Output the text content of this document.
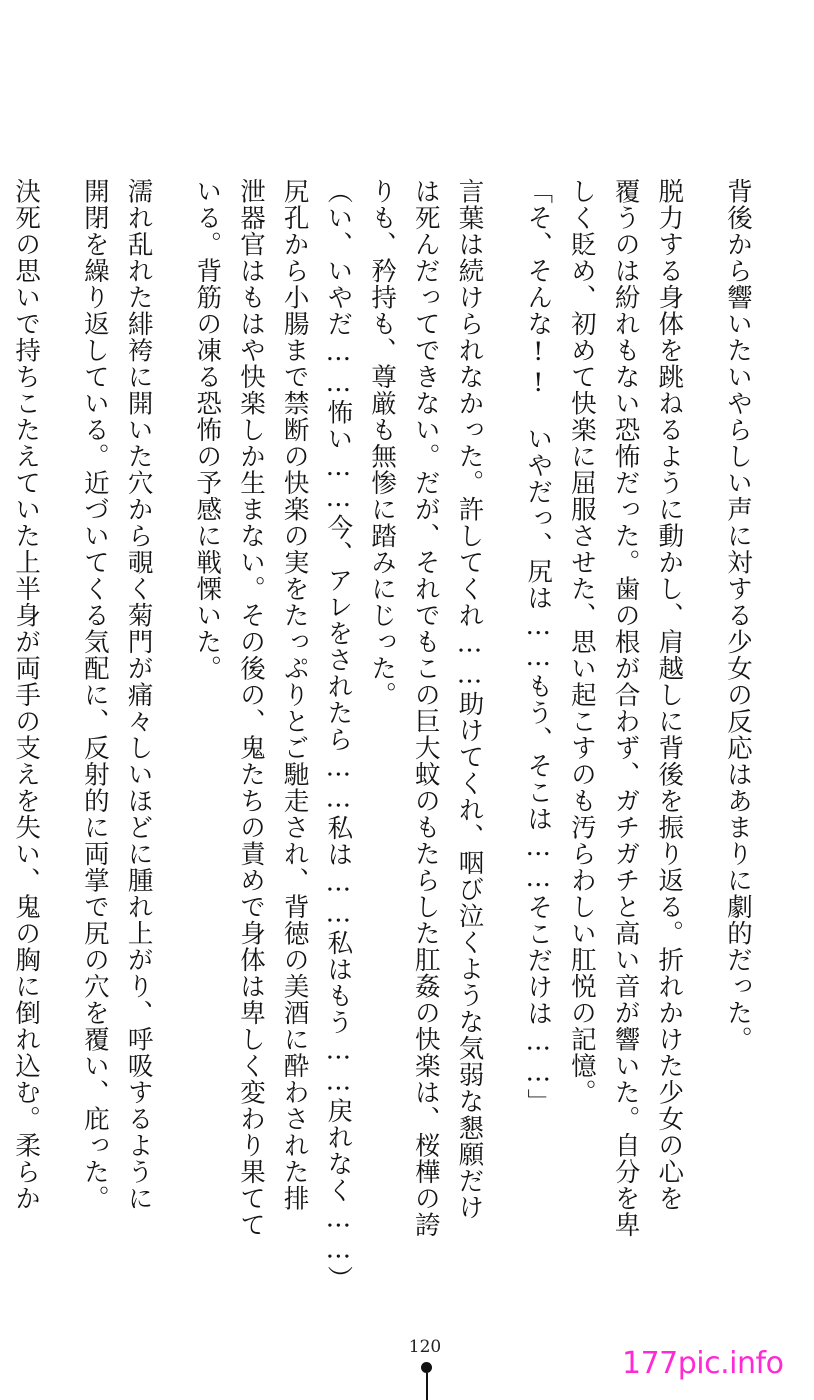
背後から響いたいやらしい声に対する少女の反応はあまりに劇的だった。
脱力する身体を跳ねるように動かし、肩越しに背後を振り返る。折れかけた少女の心を
覆うのは紛れもない恐怖だった。歯の根が合わず、ガチガチと高い音が響いた。自分を卑
しく貶め、初めて快楽に屈服させた、思い起こすのも汚らわしい肛悦の記憶。
「そ、そんな!!　いやだっ、尻は……もう、そこは……そこだけは……」
言葉は続けられなかった。許してくれ……助けてくれ、咽び泣くような気弱な懇願だけ
は死んだってできない。だが、それでもこの巨大蚊のもたらした肛姦の快楽は、桜樺の誇
りも、矜持も、尊厳も無惨に踏みにじった。
（い、いやだ……怖い……今、アレをされたら……私は……私はもう……戻れなく……）
尻孔から小腸まで禁断の快楽の実をたっぷりとご馳走され、背徳の美酒に酔わされた排
泄器官はもはや快楽しか生まない。その後の、鬼たちの責めで身体は卑しく変わり果てて
いる。背筋の凍る恐怖の予感に戦慄いた。
濡れ乱れた緋袴に開いた穴から覗く菊門が痛々しいほどに腫れ上がり、呼吸するように
開閉を繰り返している。近づいてくる気配に、反射的に両掌で尻の穴を覆い、庇った。
決死の思いで持ちこたえていた上半身が両手の支えを失い、鬼の胸に倒れ込む。柔らか
120	177pic.info
